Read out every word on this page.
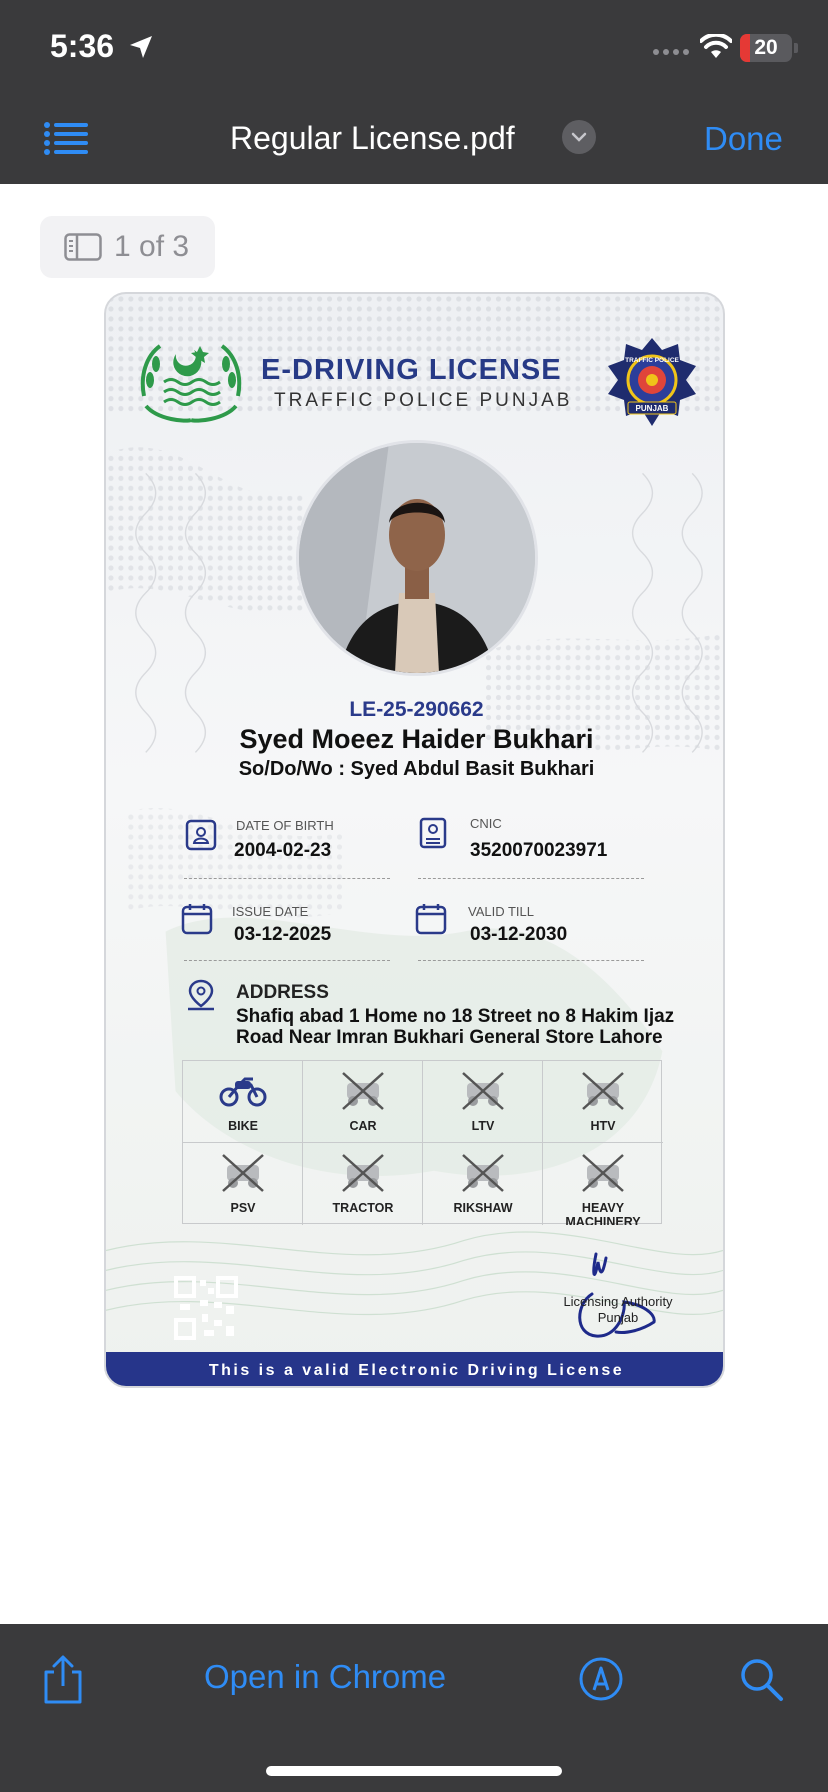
5:36	20
Regular License.pdf	Done
1 of 3
E-DRIVING LICENSE
TRAFFIC POLICE PUNJAB
TRAFFIC POLICE
PUNJAB
LE-25-290662
Syed Moeez Haider Bukhari
So/Do/Wo : Syed Abdul Basit Bukhari
DATE OF BIRTH
2004-02-23
CNIC
3520070023971
ISSUE DATE
03-12-2025
VALID TILL
03-12-2030
ADDRESS
Shafiq abad 1 Home no 18 Street no 8 Hakim Ijaz Road Near Imran Bukhari General Store Lahore
BIKE	CAR	LTV	HTV
PSV	TRACTOR	RIKSHAW	HEAVY MACHINERY
Licensing Authority
Punjab
This is a valid Electronic Driving License
Open in Chrome
